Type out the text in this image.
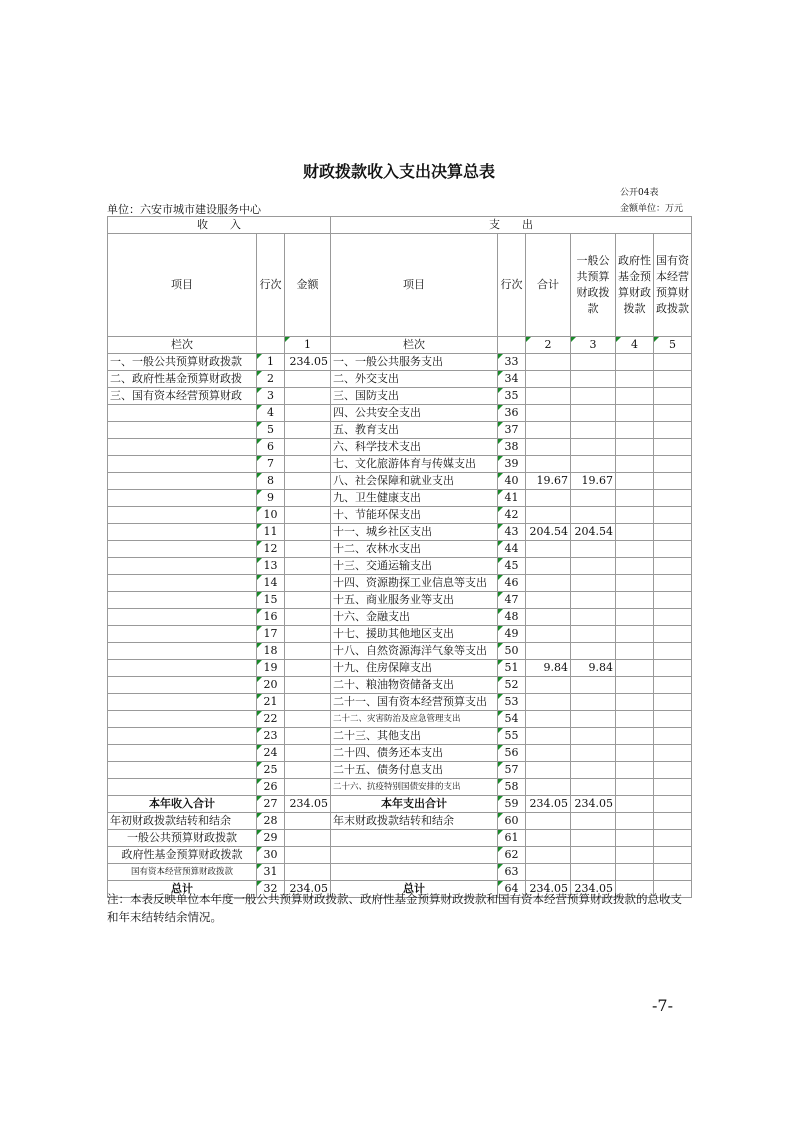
财政拨款收入支出决算总表
公开04表
单位：六安市城市建设服务中心	金额单位：万元
收　　入			支　　出					
项目	行次	金额	项目	行次	合计	一般公共预算财政拨款	政府性基金预算财政拨款	国有资本经营预算财政拨款
栏次		1	栏次		2	3	4	5
一、一般公共预算财政拨款	1	234.05	一、一般公共服务支出	33				
二、政府性基金预算财政拨	2		二、外交支出	34				
三、国有资本经营预算财政	3		三、国防支出	35				
	4		四、公共安全支出	36				
	5		五、教育支出	37				
	6		六、科学技术支出	38				
	7		七、文化旅游体育与传媒支出	39				
	8		八、社会保障和就业支出	40	19.67	19.67		
	9		九、卫生健康支出	41				
	10		十、节能环保支出	42				
	11		十一、城乡社区支出	43	204.54	204.54		
	12		十二、农林水支出	44				
	13		十三、交通运输支出	45				
	14		十四、资源勘探工业信息等支出	46				
	15		十五、商业服务业等支出	47				
	16		十六、金融支出	48				
	17		十七、援助其他地区支出	49				
	18		十八、自然资源海洋气象等支出	50				
	19		十九、住房保障支出	51	9.84	9.84		
	20		二十、粮油物资储备支出	52				
	21		二十一、国有资本经营预算支出	53				
	22		二十二、灾害防治及应急管理支出	54				
	23		二十三、其他支出	55				
	24		二十四、债务还本支出	56				
	25		二十五、债务付息支出	57				
	26		二十六、抗疫特别国债安排的支出	58				
本年收入合计	27	234.05	本年支出合计	59	234.05	234.05		
年初财政拨款结转和结余	28		年末财政拨款结转和结余	60				
一般公共预算财政拨款	29			61				
政府性基金预算财政拨款	30			62				
国有资本经营预算财政拨款	31			63				
总计	32	234.05	总计	64	234.05	234.05		
注：本表反映单位本年度一般公共预算财政拨款、政府性基金预算财政拨款和国有资本经营预算财政拨款的总收支和年末结转结余情况。
-7-
